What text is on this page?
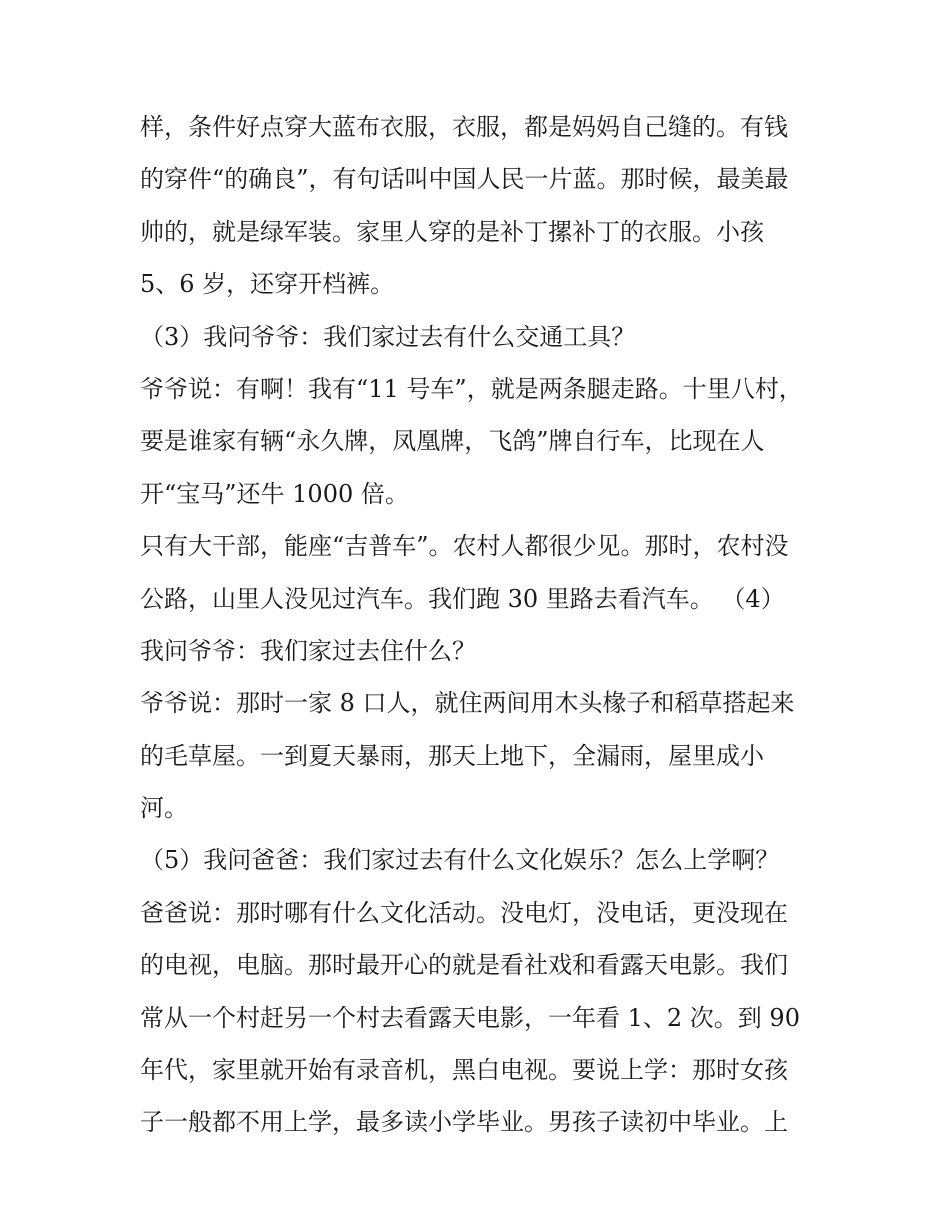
样，条件好点穿大蓝布衣服，衣服，都是妈妈自己缝的。有钱
的穿件“的确良”，有句话叫中国人民一片蓝。那时候，最美最
帅的，就是绿军装。家里人穿的是补丁摞补丁的衣服。小孩
5、6 岁，还穿开档裤。
（3）我问爷爷：我们家过去有什么交通工具？
爷爷说：有啊！我有“11 号车”，就是两条腿走路。十里八村，
要是谁家有辆“永久牌，凤凰牌，飞鸽”牌自行车，比现在人
开“宝马”还牛 1000 倍。
只有大干部，能座“吉普车”。农村人都很少见。那时，农村没
公路，山里人没见过汽车。我们跑 30 里路去看汽车。 （4）
我问爷爷：我们家过去住什么？
爷爷说：那时一家 8 口人，就住两间用木头椽子和稻草搭起来
的毛草屋。一到夏天暴雨，那天上地下，全漏雨，屋里成小
河。
（5）我问爸爸：我们家过去有什么文化娱乐？怎么上学啊？
爸爸说：那时哪有什么文化活动。没电灯，没电话，更没现在
的电视，电脑。那时最开心的就是看社戏和看露天电影。我们
常从一个村赶另一个村去看露天电影，一年看 1、2 次。到 90
年代，家里就开始有录音机，黑白电视。要说上学：那时女孩
子一般都不用上学，最多读小学毕业。男孩子读初中毕业。上
